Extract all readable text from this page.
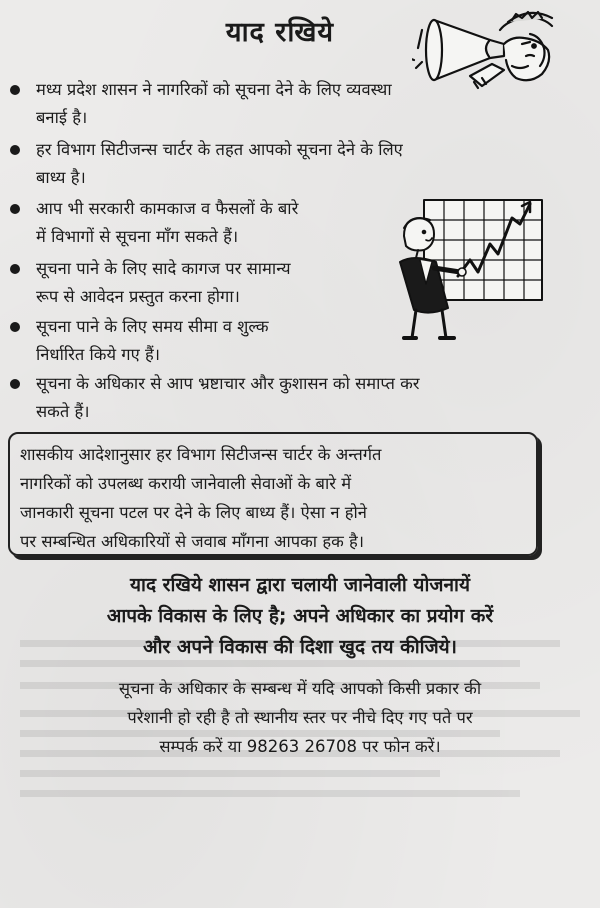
याद रखिये
मध्य प्रदेश शासन ने नागरिकों को सूचना देने के लिए व्यवस्था
बनाई है।
हर विभाग सिटीजन्स चार्टर के तहत आपको सूचना देने के लिए
बाध्य है।
आप भी सरकारी कामकाज व फैसलों के बारे
में विभागों से सूचना माँग सकते हैं।
सूचना पाने के लिए सादे कागज पर सामान्य
रूप से आवेदन प्रस्तुत करना होगा।
सूचना पाने के लिए समय सीमा व शुल्क
निर्धारित किये गए हैं।
सूचना के अधिकार से आप भ्रष्टाचार और कुशासन को समाप्त कर
सकते हैं।
शासकीय आदेशानुसार हर विभाग सिटीजन्स चार्टर के अन्तर्गत
नागरिकों को उपलब्ध करायी जानेवाली सेवाओं के बारे में
जानकारी सूचना पटल पर देने के लिए बाध्य हैं। ऐसा न होने
पर सम्बन्धित अधिकारियों से जवाब माँगना आपका हक है।
याद रखिये शासन द्वारा चलायी जानेवाली योजनायें
आपके विकास के लिए है; अपने अधिकार का प्रयोग करें
और अपने विकास की दिशा खुद तय कीजिये।
सूचना के अधिकार के सम्बन्ध में यदि आपको किसी प्रकार की
परेशानी हो रही है तो स्थानीय स्तर पर नीचे दिए गए पते पर
सम्पर्क करें या 98263 26708 पर फोन करें।
